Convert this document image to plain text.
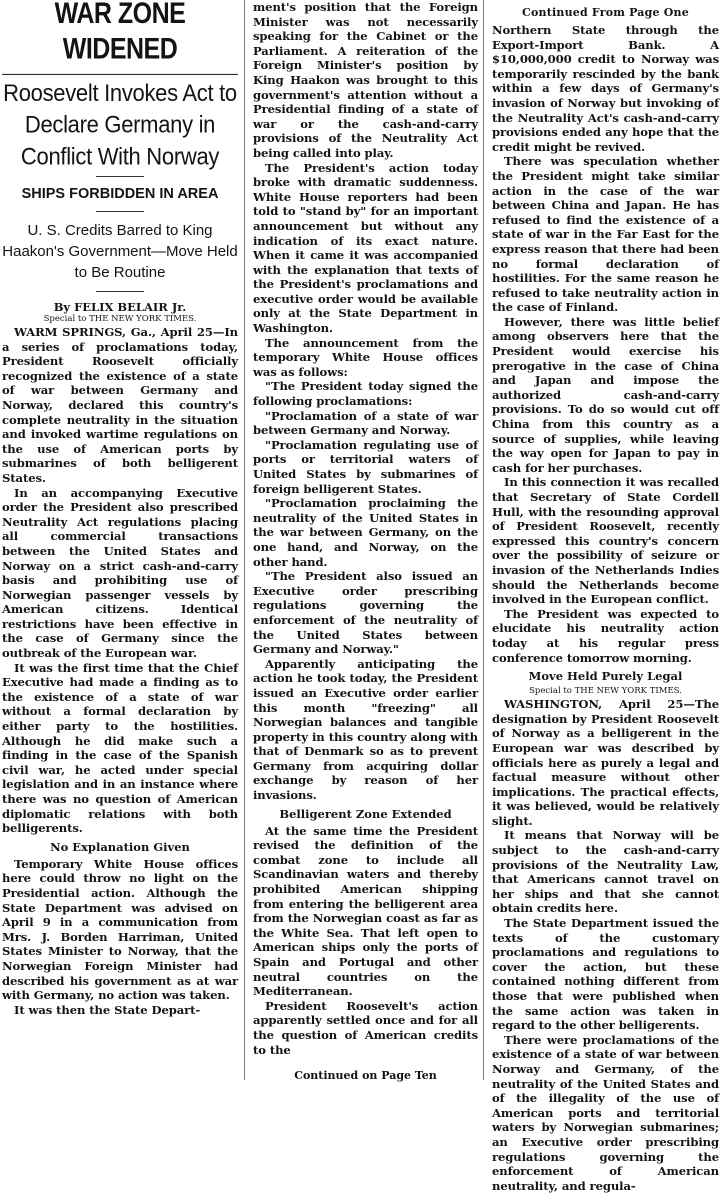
WAR ZONE WIDENED
Roosevelt Invokes Act to Declare Germany in Conflict With Norway
SHIPS FORBIDDEN IN AREA
U. S. Credits Barred to King Haakon's Government—Move Held to Be Routine
By FELIX BELAIR Jr.
Special to THE NEW YORK TIMES.

WARM SPRINGS, Ga., April 25—In a series of proclamations today, President Roosevelt officially recognized the existence of a state of war between Germany and Norway, declared this country's complete neutrality in the situation and invoked wartime regulations on the use of American ports by submarines of both belligerent States.

In an accompanying Executive order the President also prescribed Neutrality Act regulations placing all commercial transactions between the United States and Norway on a strict cash-and-carry basis and prohibiting use of Norwegian passenger vessels by American citizens. Identical restrictions have been effective in the case of Germany since the outbreak of the European war.

It was the first time that the Chief Executive had made a finding as to the existence of a state of war without a formal declaration by either party to the hostilities. Although he did make such a finding in the case of the Spanish civil war, he acted under special legislation and in an instance where there was no question of American diplomatic relations with both belligerents.

No Explanation Given

Temporary White House offices here could throw no light on the Presidential action. Although the State Department was advised on April 9 in a communication from Mrs. J. Borden Harriman, United States Minister to Norway, that the Norwegian Foreign Minister had described his government as at war with Germany, no action was taken.

It was then the State Depart-

ment's position that the Foreign Minister was not necessarily speaking for the Cabinet or the Parliament. A reiteration of the Foreign Minister's position by King Haakon was brought to this government's attention without a Presidential finding of a state of war or the cash-and-carry provisions of the Neutrality Act being called into play.

The President's action today broke with dramatic suddenness. White House reporters had been told to "stand by" for an important announcement but without any indication of its exact nature. When it came it was accompanied with the explanation that texts of the President's proclamations and executive order would be available only at the State Department in Washington.

The announcement from the temporary White House offices was as follows:

"The President today signed the following proclamations:

"Proclamation of a state of war between Germany and Norway.

"Proclamation regulating use of ports or territorial waters of United States by submarines of foreign belligerent States.

"Proclamation proclaiming the neutrality of the United States in the war between Germany, on the one hand, and Norway, on the other hand.

"The President also issued an Executive order prescribing regulations governing the enforcement of the neutrality of the United States between Germany and Norway."

Apparently anticipating the action he took today, the President issued an Executive order earlier this month "freezing" all Norwegian balances and tangible property in this country along with that of Denmark so as to prevent Germany from acquiring dollar exchange by reason of her invasions.

Belligerent Zone Extended

At the same time the President revised the definition of the combat zone to include all Scandinavian waters and thereby prohibited American shipping from entering the belligerent area from the Norwegian coast as far as the White Sea. That left open to American ships only the ports of Spain and Portugal and other neutral countries on the Mediterranean.

President Roosevelt's action apparently settled once and for all the question of American credits to the

Continued on Page Ten
Continued From Page One

Northern State through the Export-Import Bank. A $10,000,000 credit to Norway was temporarily rescinded by the bank within a few days of Germany's invasion of Norway but invoking of the Neutrality Act's cash-and-carry provisions ended any hope that the credit might be revived.

There was speculation whether the President might take similar action in the case of the war between China and Japan. He has refused to find the existence of a state of war in the Far East for the express reason that there had been no formal declaration of hostilities. For the same reason he refused to take neutrality action in the case of Finland.

However, there was little belief among observers here that the President would exercise his prerogative in the case of China and Japan and impose the authorized cash-and-carry provisions. To do so would cut off China from this country as a source of supplies, while leaving the way open for Japan to pay in cash for her purchases.

In this connection it was recalled that Secretary of State Cordell Hull, with the resounding approval of President Roosevelt, recently expressed this country's concern over the possibility of seizure or invasion of the Netherlands Indies should the Netherlands become involved in the European conflict.

The President was expected to elucidate his neutrality action today at his regular press conference tomorrow morning.

Move Held Purely Legal
Special to THE NEW YORK TIMES.

WASHINGTON, April 25—The designation by President Roosevelt of Norway as a belligerent in the European war was described by officials here as purely a legal and factual measure without other implications. The practical effects, it was believed, would be relatively slight.

It means that Norway will be subject to the cash-and-carry provisions of the Neutrality Law, that Americans cannot travel on her ships and that she cannot obtain credits here.

The State Department issued the texts of the customary proclamations and regulations to cover the action, but these contained nothing different from those that were published when the same action was taken in regard to the other belligerents.

There were proclamations of the existence of a state of war between Norway and Germany, of the neutrality of the United States and of the illegality of the use of American ports and territorial waters by Norwegian submarines; an Executive order prescribing regulations governing the enforcement of American neutrality, and regula-
